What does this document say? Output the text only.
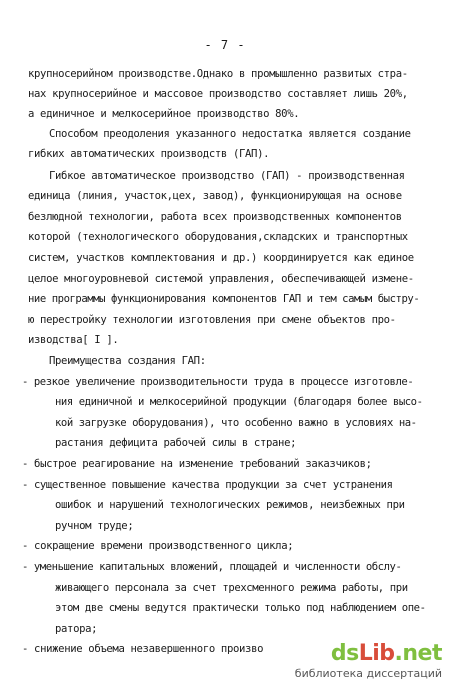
- 7 -
крупносерийном производстве.Однако в промышленно развитых стра-
нах крупносерийное и массовое производство составляет лишь 20%,
а единичное и мелкосерийное производство 80%.
Способом преодоления указанного недостатка является создание
гибких автоматических производств (ГАП).
Гибкое автоматическое производство (ГАП) - производственная
единица (линия, участок,цех, завод), функционирующая на основе
безлюдной технологии, работа всех производственных компонентов
которой (технологического оборудования,складских и транспортных
систем, участков комплектования и др.) координируется как единое
целое многоуровневой системой управления, обеспечивающей измене-
ние программы функционирования компонентов ГАП и тем самым быстру-
ю перестройку технологии изготовления при смене объектов про-
изводства[ I ].
Преимущества создания ГАП:
- резкое увеличение производительности труда в процессе изготовле-
ния единичной и мелкосерийной продукции (благодаря более высо-
кой загрузке оборудования), что особенно важно в условиях на-
растания дефицита рабочей силы в стране;
- быстрое реагирование на изменение требований заказчиков;
- существенное повышение качества продукции за счет устранения
ошибок и нарушений технологических режимов, неизбежных при
ручном труде;
- сокращение времени производственного цикла;
- уменьшение капитальных вложений, площадей и численности обслу-
живающего персонала за счет трехсменного режима работы, при
этом две смены ведутся практически только под наблюдением опе-
ратора;
- снижение объема незавершенного произво	dsLib.net
библиотека диссертаций
